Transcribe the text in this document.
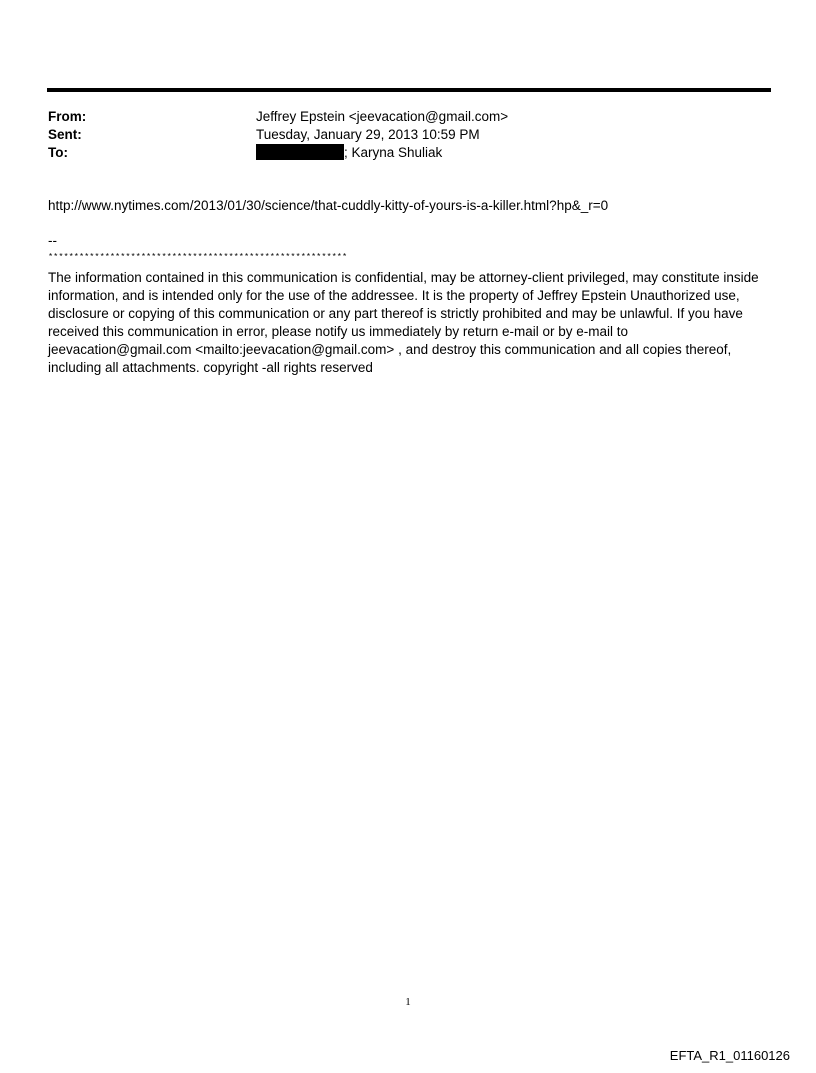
From:	Jeffrey Epstein <jeevacation@gmail.com>
Sent:	Tuesday, January 29, 2013 10:59 PM
To:	; Karyna Shuliak
http://www.nytimes.com/2013/01/30/science/that-cuddly-kitty-of-yours-is-a-killer.html?hp&_r=0
--
**********************************************************
The information contained in this communication is confidential, may be attorney-client privileged, may constitute inside information, and is intended only for the use of the addressee. It is the property of Jeffrey Epstein Unauthorized use, disclosure or copying of this communication or any part thereof is strictly prohibited and may be unlawful. If you have received this communication in error, please notify us immediately by return e-mail or by e-mail to jeevacation@gmail.com <mailto:jeevacation@gmail.com> , and destroy this communication and all copies thereof, including all attachments. copyright -all rights reserved
1
EFTA_R1_01160126
